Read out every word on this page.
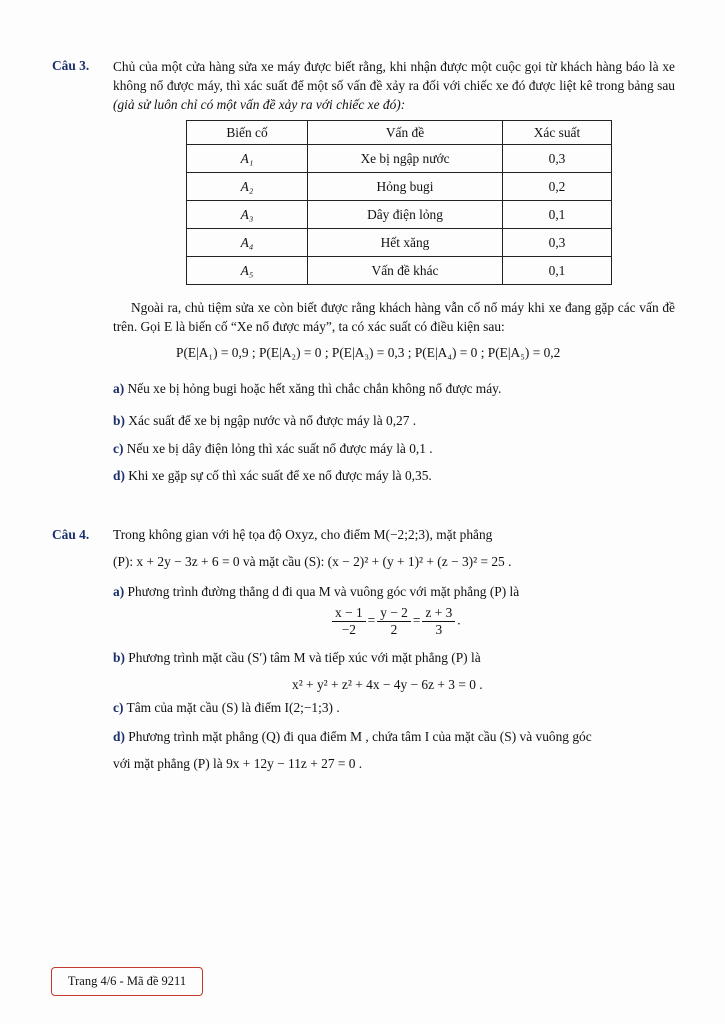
Câu 3. Chủ của một cửa hàng sửa xe máy được biết rằng, khi nhận được một cuộc gọi từ khách hàng báo là xe không nổ được máy, thì xác suất để một số vấn đề xảy ra đối với chiếc xe đó được liệt kê trong bảng sau (giả sử luôn chỉ có một vấn đề xảy ra với chiếc xe đó):
Biến cố	Vấn đề	Xác suất
A₁	Xe bị ngập nước	0,3
A₂	Hỏng bugi	0,2
A₃	Dây điện lỏng	0,1
A₄	Hết xăng	0,3
A₅	Vấn đề khác	0,1
Ngoài ra, chủ tiệm sửa xe còn biết được rằng khách hàng vẫn cố nổ máy khi xe đang gặp các vấn đề trên. Gọi E là biến cố “Xe nổ được máy”, ta có xác suất có điều kiện sau:
P(E|A₁) = 0,9 ; P(E|A₂) = 0 ; P(E|A₃) = 0,3 ; P(E|A₄) = 0 ; P(E|A₅) = 0,2
a) Nếu xe bị hỏng bugi hoặc hết xăng thì chắc chắn không nổ được máy.
b) Xác suất để xe bị ngập nước và nổ được máy là 0,27 .
c) Nếu xe bị dây điện lỏng thì xác suất nổ được máy là 0,1 .
d) Khi xe gặp sự cố thì xác suất để xe nổ được máy là 0,35.
Câu 4. Trong không gian với hệ tọa độ Oxyz, cho điểm M(−2;2;3), mặt phẳng
(P): x + 2y − 3z + 6 = 0 và mặt cầu (S): (x − 2)² + (y + 1)² + (z − 3)² = 25 .
a) Phương trình đường thẳng d đi qua M và vuông góc với mặt phẳng (P) là
$\frac{x - 1}{-2} = \frac{y - 2}{2} = \frac{z + 3}{3}$ .
b) Phương trình mặt cầu (S′) tâm M và tiếp xúc với mặt phẳng (P) là
x² + y² + z² + 4x − 4y − 6z + 3 = 0 .
c) Tâm của mặt cầu (S) là điểm I(2;−1;3) .
d) Phương trình mặt phẳng (Q) đi qua điểm M , chứa tâm I của mặt cầu (S) và vuông góc
với mặt phẳng (P) là 9x + 12y − 11z + 27 = 0 .
Trang 4/6 - Mã đề 9211
